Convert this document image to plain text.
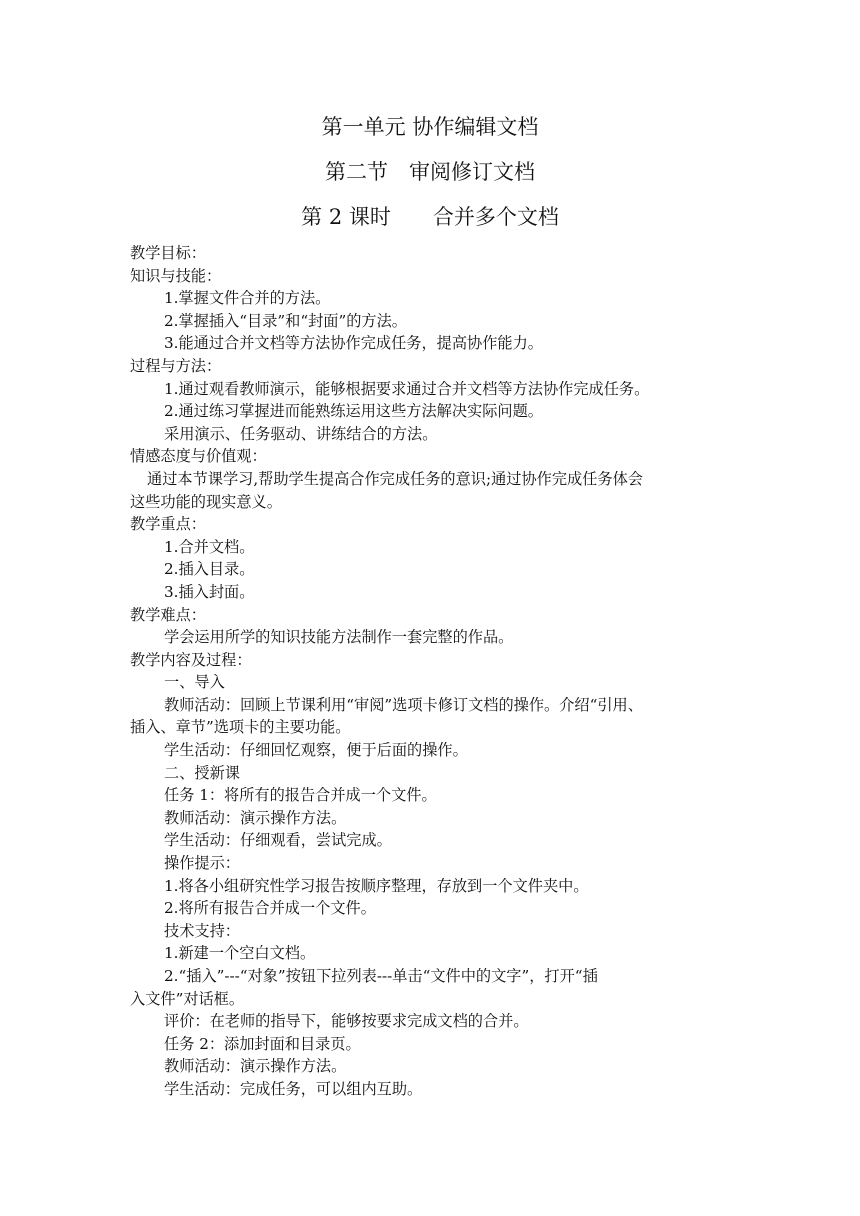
第一单元 协作编辑文档
第二节　审阅修订文档
第 2 课时　　合并多个文档
教学目标：
知识与技能：
1.掌握文件合并的方法。
2.掌握插入“目录”和“封面”的方法。
3.能通过合并文档等方法协作完成任务，提高协作能力。
过程与方法：
1.通过观看教师演示，能够根据要求通过合并文档等方法协作完成任务。
2.通过练习掌握进而能熟练运用这些方法解决实际问题。
采用演示、任务驱动、讲练结合的方法。
情感态度与价值观：
通过本节课学习,帮助学生提高合作完成任务的意识;通过协作完成任务体会
这些功能的现实意义。
教学重点：
1.合并文档。
2.插入目录。
3.插入封面。
教学难点：
学会运用所学的知识技能方法制作一套完整的作品。
教学内容及过程：
一、导入
教师活动：回顾上节课利用“审阅”选项卡修订文档的操作。介绍“引用、
插入、章节”选项卡的主要功能。
学生活动：仔细回忆观察，便于后面的操作。
二、授新课
任务 1：将所有的报告合并成一个文件。
教师活动：演示操作方法。
学生活动：仔细观看，尝试完成。
操作提示：
1.将各小组研究性学习报告按顺序整理，存放到一个文件夹中。
2.将所有报告合并成一个文件。
技术支持：
1.新建一个空白文档。
2.“插入”---“对象”按钮下拉列表---单击“文件中的文字”，打开“插
入文件”对话框。
评价：在老师的指导下，能够按要求完成文档的合并。
任务 2：添加封面和目录页。
教师活动：演示操作方法。
学生活动：完成任务，可以组内互助。
